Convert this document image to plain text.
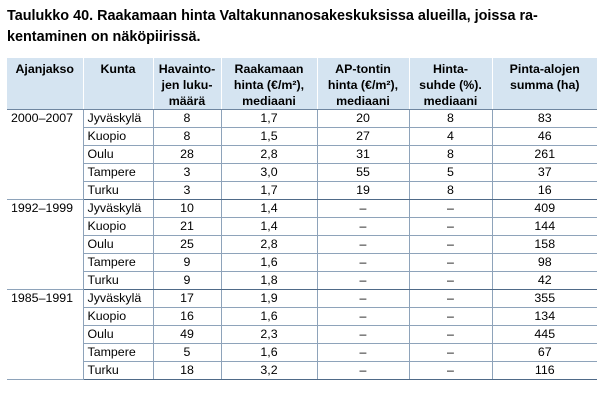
Taulukko 40. Raakamaan hinta Valtakunnanosakeskuksissa alueilla, joissa ra-
kentaminen on näköpiirissä.
Ajanjakso	Kunta	Havainto-
jen luku-
määrä	Raakamaan
hinta (€/m²),
mediaani	AP-tontin
hinta (€/m²),
mediaani	Hinta-
suhde (%).
mediaani	Pinta-alojen
summa (ha)

2000–2007	Jyväskylä	8	1,7	20	8	83
	Kuopio	8	1,5	27	4	46
	Oulu	28	2,8	31	8	261
	Tampere	3	3,0	55	5	37
	Turku	3	1,7	19	8	16
1992–1999	Jyväskylä	10	1,4	–	–	409
	Kuopio	21	1,4	–	–	144
	Oulu	25	2,8	–	–	158
	Tampere	9	1,6	–	–	98
	Turku	9	1,8	–	–	42
1985–1991	Jyväskylä	17	1,9	–	–	355
	Kuopio	16	1,6	–	–	134
	Oulu	49	2,3	–	–	445
	Tampere	5	1,6	–	–	67
	Turku	18	3,2	–	–	116
